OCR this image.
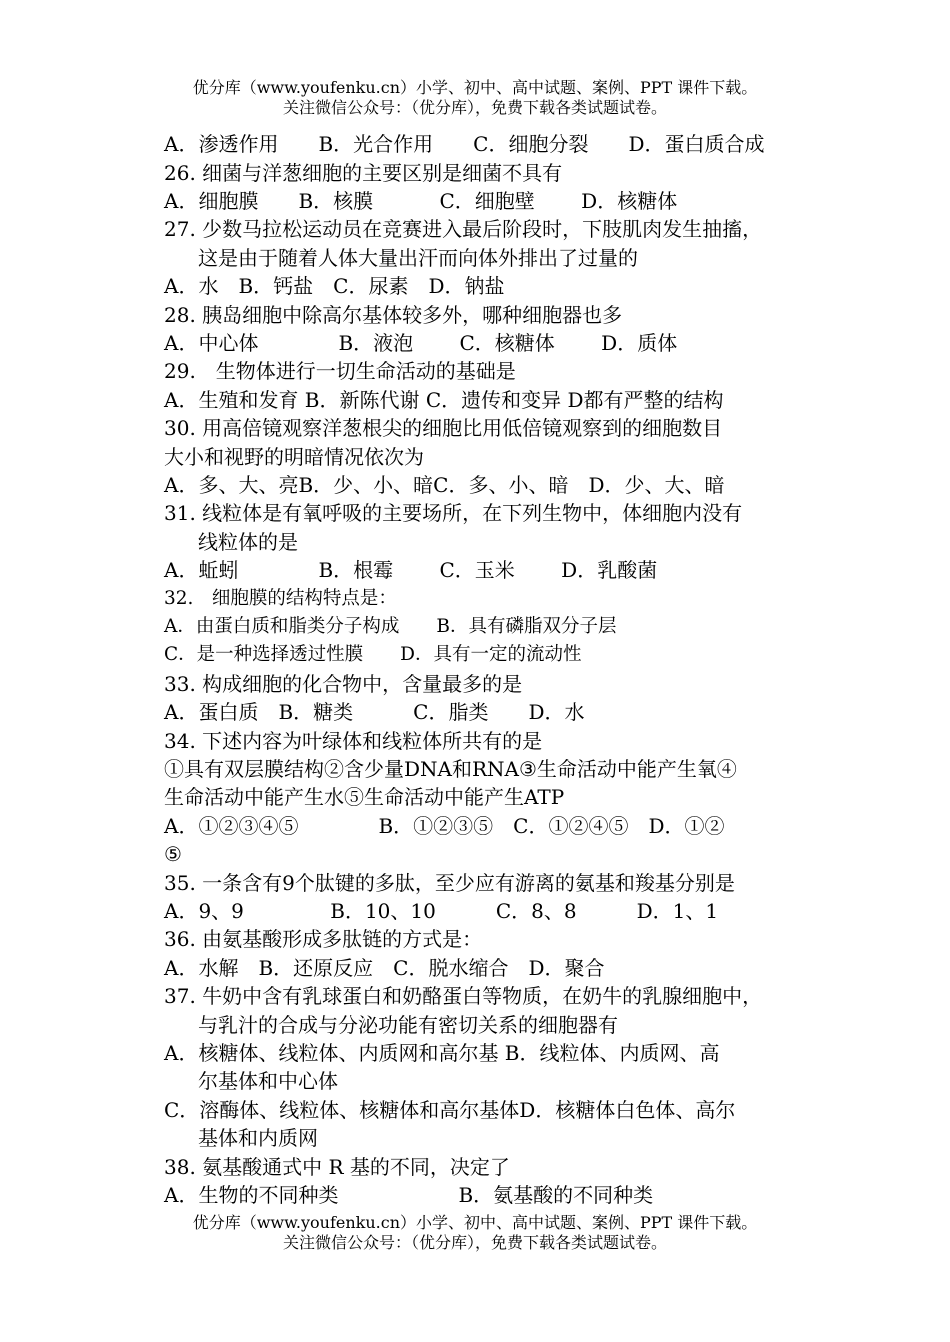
优分库（www.youfenku.cn）小学、初中、高中试题、案例、PPT 课件下载。
关注微信公众号：（优分库），免费下载各类试题试卷。
A．渗透作用　　B．光合作用　　C．细胞分裂　　D．蛋白质合成
26. 细菌与洋葱细胞的主要区别是细菌不具有
A．细胞膜　　B．核膜　　　 C．细胞壁　　 D．核糖体
27. 少数马拉松运动员在竞赛进入最后阶段时，下肢肌肉发生抽搐，
这是由于随着人体大量出汗而向体外排出了过量的
A．水　B．钙盐　C．尿素　D．钠盐
28. 胰岛细胞中除高尔基体较多外，哪种细胞器也多
A．中心体　　　　B．液泡　　 C．核糖体　　 D．质体
29.　生物体进行一切生命活动的基础是
A．生殖和发育 B．新陈代谢 C．遗传和变异 D都有严整的结构
30. 用高倍镜观察洋葱根尖的细胞比用低倍镜观察到的细胞数目
大小和视野的明暗情况依次为
A．多、大、亮B．少、小、暗C．多、小、暗　D．少、大、暗
31. 线粒体是有氧呼吸的主要场所，在下列生物中，体细胞内没有
线粒体的是
A．蚯蚓　　　　B．根霉　　 C．玉米　　 D．乳酸菌
32.　细胞膜的结构特点是：
A．由蛋白质和脂类分子构成　　B．具有磷脂双分子层
C．是一种选择透过性膜　　D．具有一定的流动性
33. 构成细胞的化合物中，含量最多的是
A．蛋白质　B．糖类　　　C．脂类　　D．水
34. 下述内容为叶绿体和线粒体所共有的是
①具有双层膜结构②含少量DNA和RNA③生命活动中能产生氧④
生命活动中能产生水⑤生命活动中能产生ATP
A．①②③④⑤　　　　B．①②③⑤　C．①②④⑤　D．①②
⑤
35. 一条含有9个肽键的多肽，至少应有游离的氨基和羧基分别是
A．9、9　　　　 B．10、10　　　C．8、8　　　D．1、1
36. 由氨基酸形成多肽链的方式是：
A．水解　B．还原反应　C．脱水缩合　D．聚合
37. 牛奶中含有乳球蛋白和奶酪蛋白等物质，在奶牛的乳腺细胞中，
与乳汁的合成与分泌功能有密切关系的细胞器有
A．核糖体、线粒体、内质网和高尔基 B．线粒体、内质网、高
尔基体和中心体
C．溶酶体、线粒体、核糖体和高尔基体D．核糖体白色体、高尔
基体和内质网
38. 氨基酸通式中 R 基的不同，决定了
A．生物的不同种类　　　　　　B．氨基酸的不同种类
优分库（www.youfenku.cn）小学、初中、高中试题、案例、PPT 课件下载。
关注微信公众号：（优分库），免费下载各类试题试卷。
